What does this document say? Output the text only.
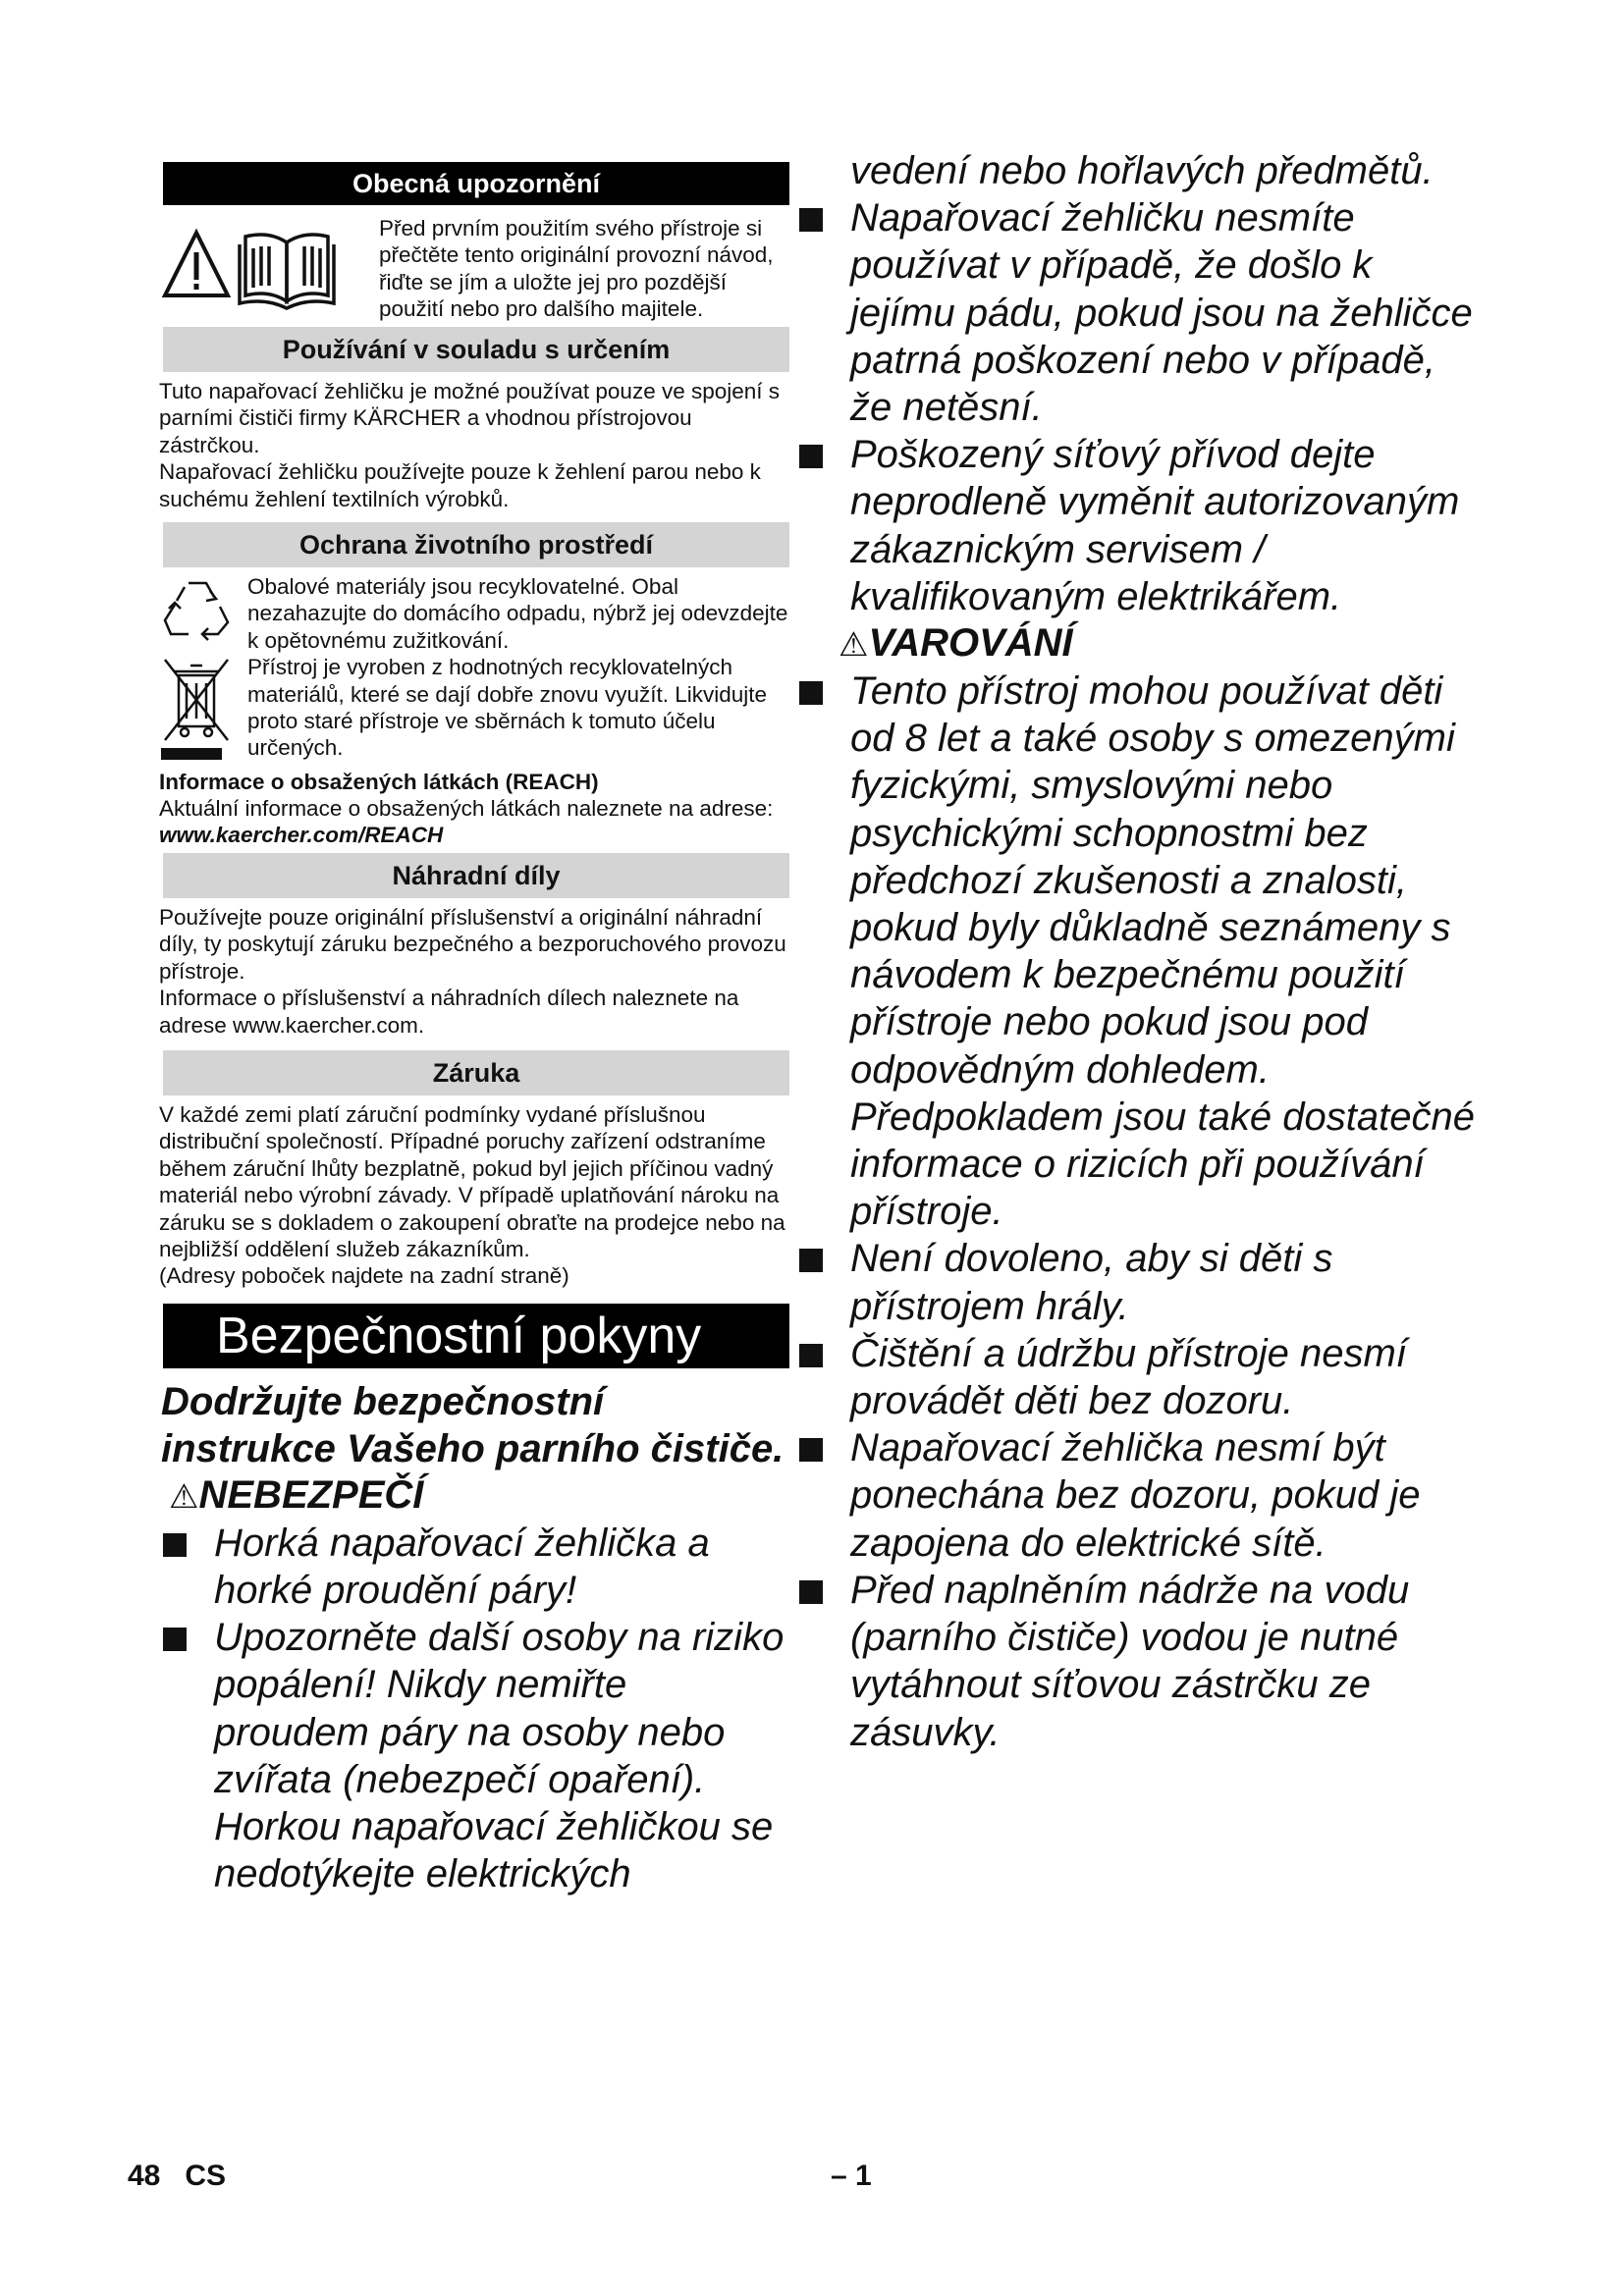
Obecná upozornění
Před prvním použitím svého přístroje si přečtěte tento originální provozní návod, řiďte se jím a uložte jej pro pozdější použití nebo pro dalšího majitele.
Používání v souladu s určením

Tuto napařovací žehličku je možné používat pouze ve spojení s parními čističi firmy KÄRCHER a vhodnou přístrojovou zástrčkou.

Napařovací žehličku používejte pouze k žehlení parou nebo k suchému žehlení textilních výrobků.

Ochrana životního prostředí
Obalové materiály jsou recyklovatelné. Obal nezahazujte do domácího odpadu, nýbrž jej odevzdejte k opětovnému zužitkování.
Přístroj je vyroben z hodnotných recyklovatelných materiálů, které se dají dobře znovu využít. Likvidujte proto staré přístroje ve sběrnách k tomuto účelu určených.

Informace o obsažených látkách (REACH)

Aktuální informace o obsažených látkách naleznete na adrese:

www.kaercher.com/REACH

Náhradní díly

Používejte pouze originální příslušenství a originální náhradní díly, ty poskytují záruku bezpečného a bezporuchového provozu přístroje.

Informace o příslušenství a náhradních dílech naleznete na adrese www.kaercher.com.

Záruka

V každé zemi platí záruční podmínky vydané příslušnou distribuční společností. Případné poruchy zařízení odstraníme během záruční lhůty bezplatně, pokud byl jejich příčinou vadný materiál nebo výrobní závady. V případě uplatňování nároku na záruku se s dokladem o zakoupení obraťte na prodejce nebo na nejbližší oddělení služeb zákazníkům.

(Adresy poboček najdete na zadní straně)

Bezpečnostní pokyny
Dodržujte bezpečnostní instrukce Vašeho parního čističe.
⚠NEBEZPEČÍ
Horká napařovací žehlička a horké proudění páry!
Upozorněte další osoby na riziko popálení! Nikdy nemiřte proudem páry na osoby nebo zvířata (nebezpečí opaření). Horkou napařovací žehličkou se nedotýkejte elektrických
vedení nebo hořlavých předmětů.
Napařovací žehličku nesmíte používat v případě, že došlo k jejímu pádu, pokud jsou na žehličce patrná poškození nebo v případě, že netěsní.
Poškozený síťový přívod dejte neprodleně vyměnit autorizovaným zákaznickým servisem / kvalifikovaným elektrikářem.
⚠VAROVÁNÍ
Tento přístroj mohou používat děti od 8 let a také osoby s omezenými fyzickými, smyslovými nebo psychickými schopnostmi bez předchozí zkušenosti a znalosti, pokud byly důkladně seznámeny s návodem k bezpečnému použití přístroje nebo pokud jsou pod odpovědným dohledem. Předpokladem jsou také dostatečné informace o rizicích při používání přístroje.
Není dovoleno, aby si děti s přístrojem hrály.
Čištění a údržbu přístroje nesmí provádět děti bez dozoru.
Napařovací žehlička nesmí být ponechána bez dozoru, pokud je zapojena do elektrické sítě.
Před naplněním nádrže na vodu (parního čističe) vodou je nutné vytáhnout síťovou zástrčku ze zásuvky.
48 CS	– 1
